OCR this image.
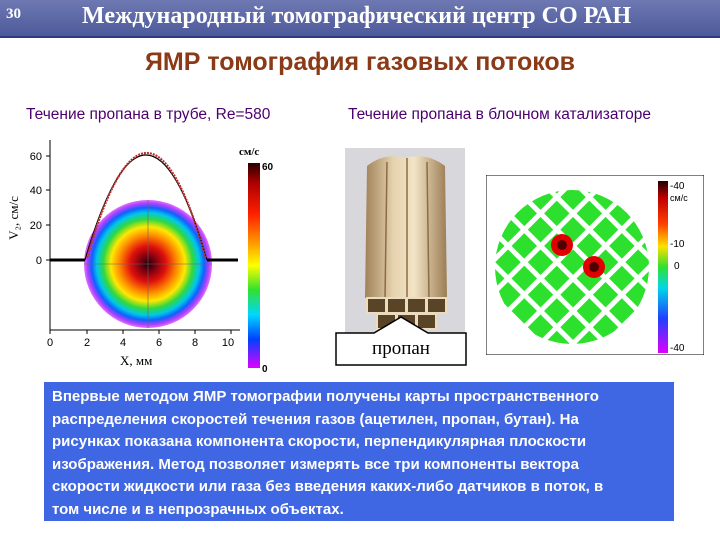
30	Международный томографический центр СО РАН
ЯМР томография газовых потоков
Течение пропана в трубе, Re=580	Течение пропана в блочном катализаторе
60
40
20
0
0	2	4	6	8 10
60
0
V₂, см/с
X, мм
см/с
пропан
-40
см/с
-10
0
-40
Впервые методом ЯМР томографии получены карты пространственного
распределения скоростей течения газов (ацетилен, пропан, бутан). На
рисунках показана компонента скорости, перпендикулярная плоскости
изображения. Метод позволяет измерять все три компоненты вектора
скорости жидкости или газа без введения каких-либо датчиков в поток, в
том числе и в непрозрачных объектах.
